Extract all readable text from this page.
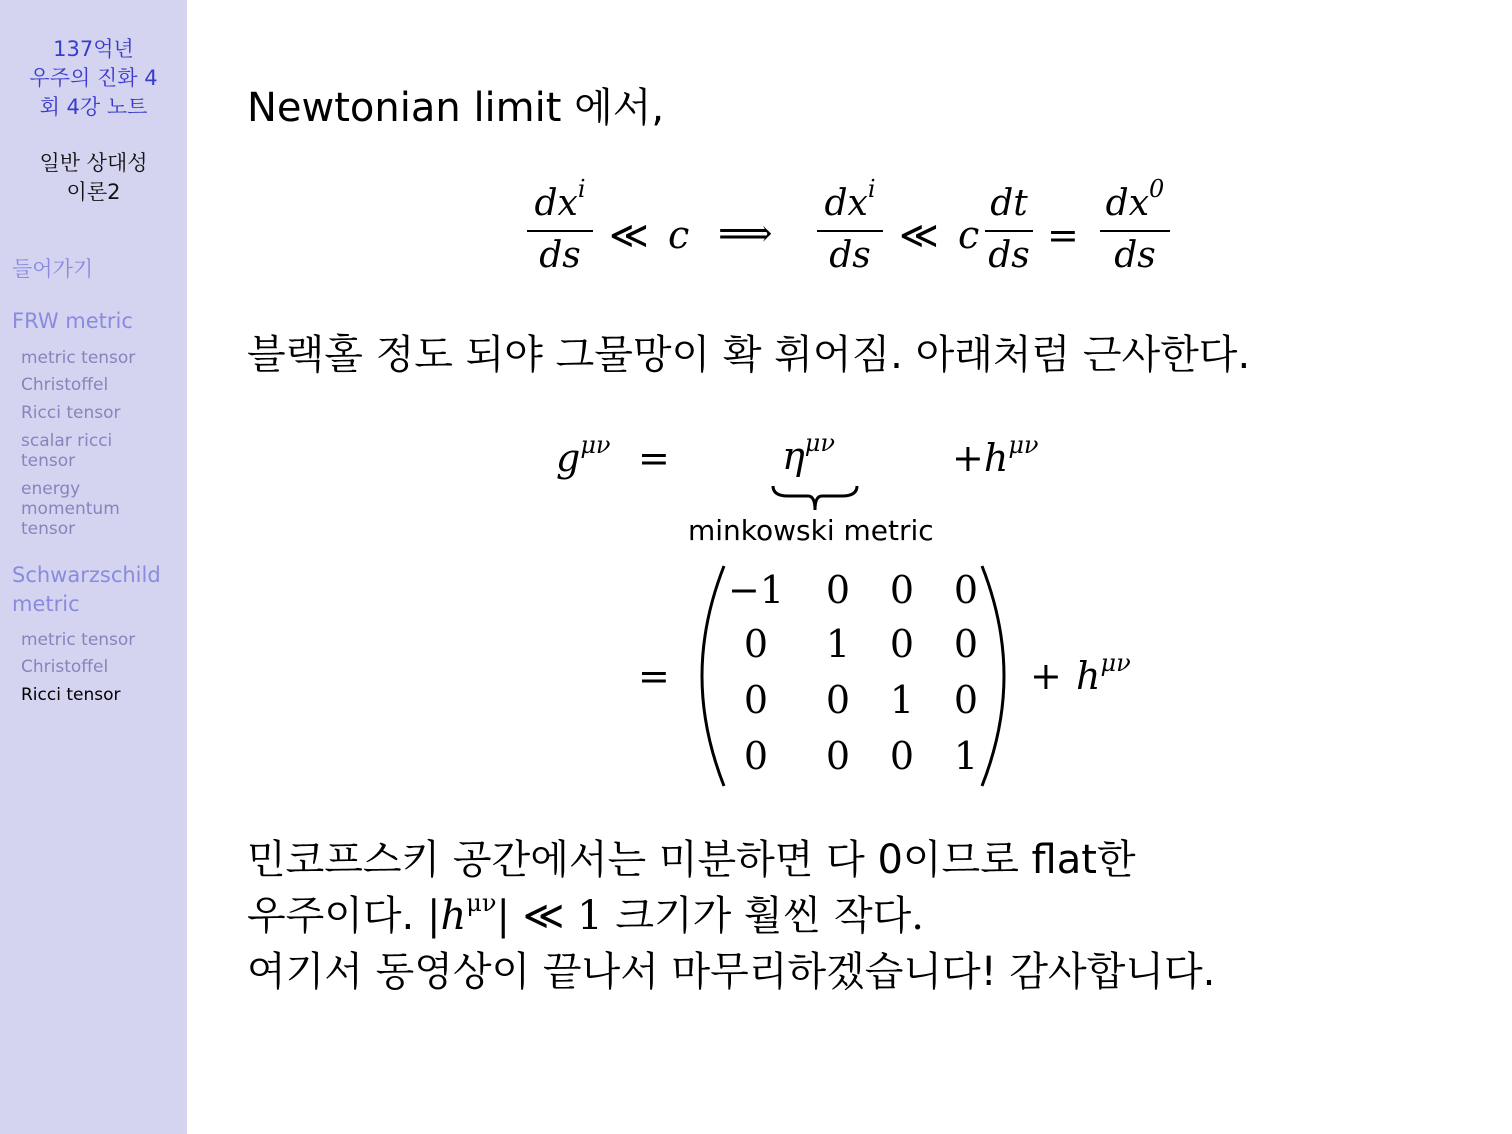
137억년
우주의 진화 4
회 4강 노트
일반 상대성
이론2
들어가기
FRW metric
metric tensor
Christoffel
Ricci tensor
scalar ricci tensor
energy momentum tensor
Schwarzschild metric
metric tensor
Christoffel
Ricci tensor
Newtonian limit 에서,
$dx^i$
ds ≪ c ⟹
$dx^i$
ds ≪ c
dt
ds =
$dx^0$
ds
블랙홀 정도 되야 그물망이 확 휘어짐. 아래처럼 근사한다.
$g^{\mu\nu}$ =	$\eta^{\mu\nu}$
minkowski metric
$+h^{\mu\nu}$
=
−1	0	0	0
0	1	0	0
0	0	1	0
0	0	0	1
+ $h^{\mu\nu}$
민코프스키 공간에서는 미분하면 다 0이므로 flat한
우주이다. $|h^{\mu\nu}|$ ≪ 1 크기가 훨씬 작다.
여기서 동영상이 끝나서 마무리하겠습니다! 감사합니다.
